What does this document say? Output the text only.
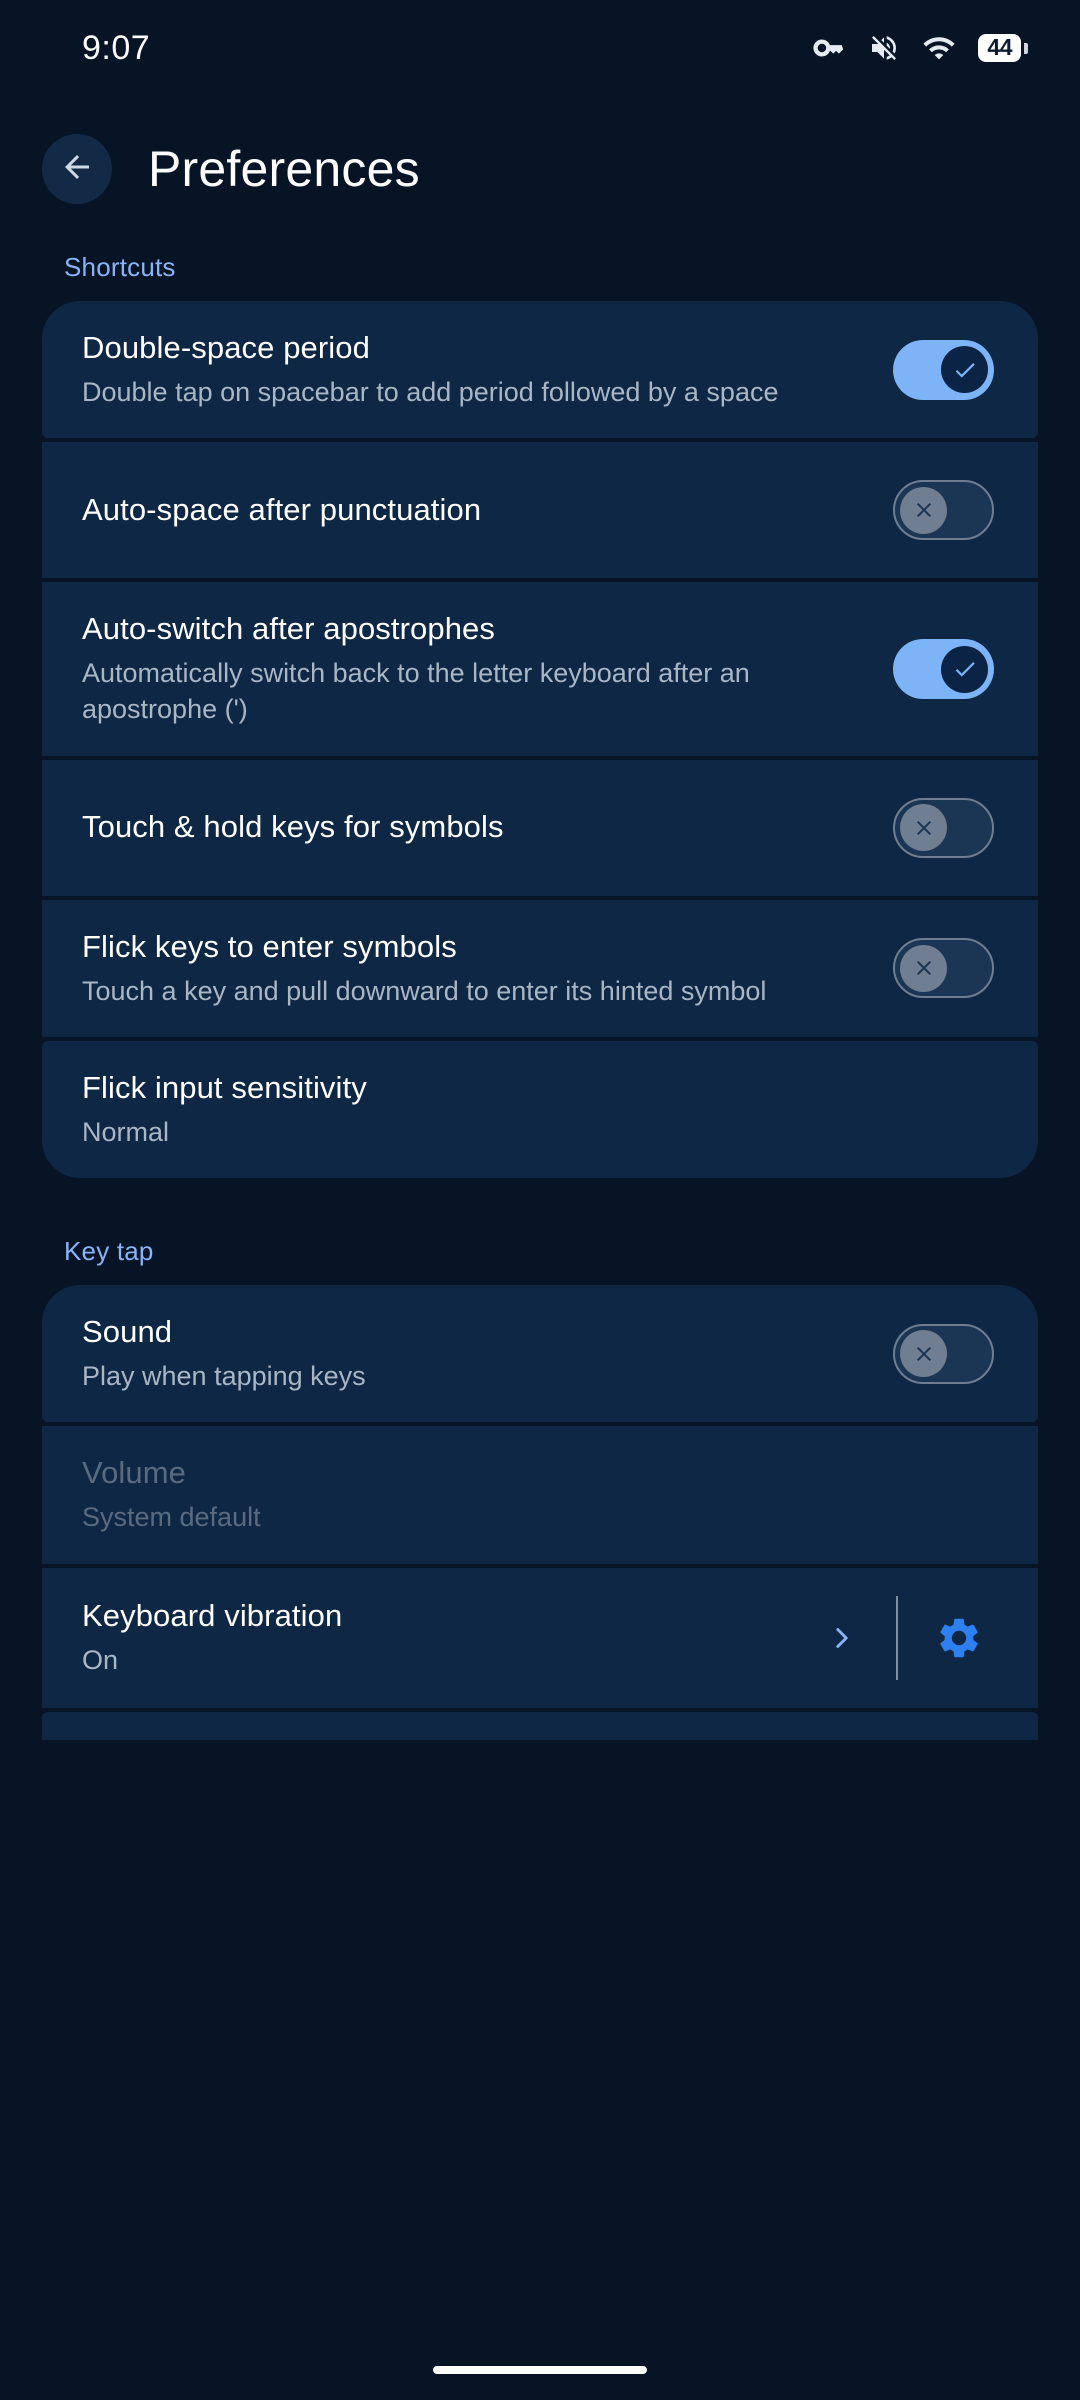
9:07	44
Preferences
Shortcuts
Double-space period
Double tap on spacebar to add period followed by a space
Auto-space after punctuation
Auto-switch after apostrophes
Automatically switch back to the letter keyboard after an apostrophe (')
Touch & hold keys for symbols
Flick keys to enter symbols
Touch a key and pull downward to enter its hinted symbol
Flick input sensitivity
Normal
Key tap
Sound
Play when tapping keys
Volume
System default
Keyboard vibration
On
